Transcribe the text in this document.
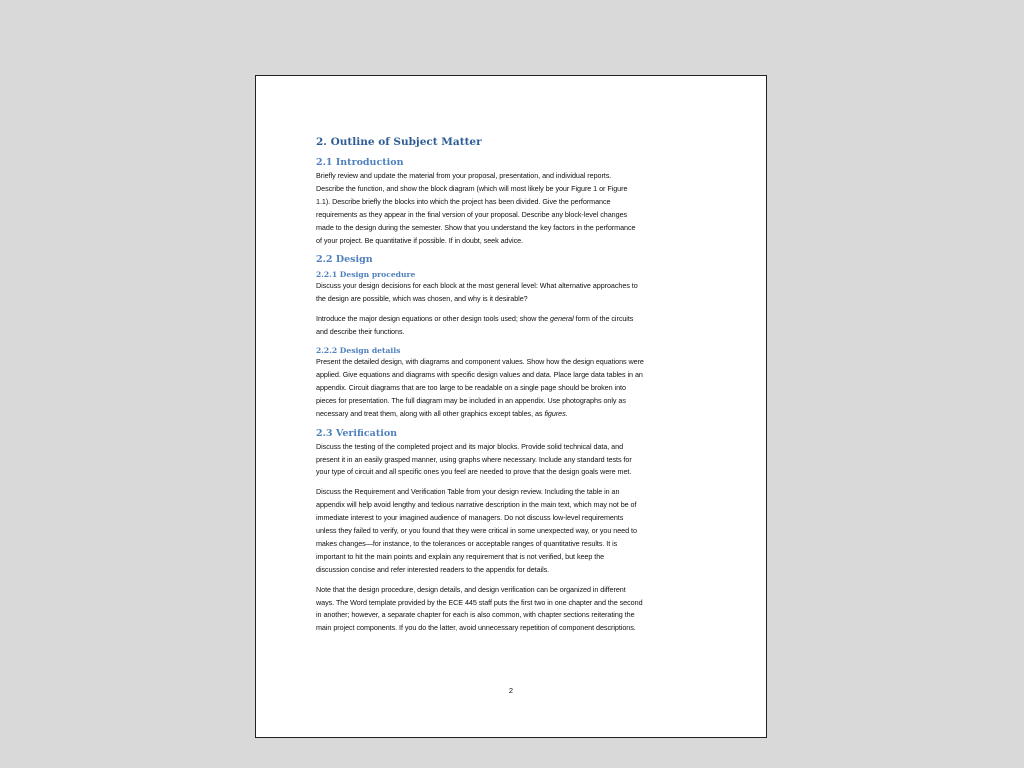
2. Outline of Subject Matter
2.1 Introduction

Briefly review and update the material from your proposal, presentation, and individual reports.
Describe the function, and show the block diagram (which will most likely be your Figure 1 or Figure
1.1). Describe briefly the blocks into which the project has been divided. Give the performance
requirements as they appear in the final version of your proposal. Describe any block-level changes
made to the design during the semester. Show that you understand the key factors in the performance
of your project. Be quantitative if possible. If in doubt, seek advice.

2.2 Design
2.2.1 Design procedure

Discuss your design decisions for each block at the most general level: What alternative approaches to
the design are possible, which was chosen, and why is it desirable?

Introduce the major design equations or other design tools used; show the general form of the circuits
and describe their functions.

2.2.2 Design details

Present the detailed design, with diagrams and component values. Show how the design equations were
applied. Give equations and diagrams with specific design values and data. Place large data tables in an
appendix. Circuit diagrams that are too large to be readable on a single page should be broken into
pieces for presentation. The full diagram may be included in an appendix. Use photographs only as
necessary and treat them, along with all other graphics except tables, as figures.

2.3 Verification

Discuss the testing of the completed project and its major blocks. Provide solid technical data, and
present it in an easily grasped manner, using graphs where necessary. Include any standard tests for
your type of circuit and all specific ones you feel are needed to prove that the design goals were met.

Discuss the Requirement and Verification Table from your design review. Including the table in an
appendix will help avoid lengthy and tedious narrative description in the main text, which may not be of
immediate interest to your imagined audience of managers. Do not discuss low-level requirements
unless they failed to verify, or you found that they were critical in some unexpected way, or you need to
makes changes—for instance, to the tolerances or acceptable ranges of quantitative results. It is
important to hit the main points and explain any requirement that is not verified, but keep the
discussion concise and refer interested readers to the appendix for details.

Note that the design procedure, design details, and design verification can be organized in different
ways. The Word template provided by the ECE 445 staff puts the first two in one chapter and the second
in another; however, a separate chapter for each is also common, with chapter sections reiterating the
main project components. If you do the latter, avoid unnecessary repetition of component descriptions.

2
